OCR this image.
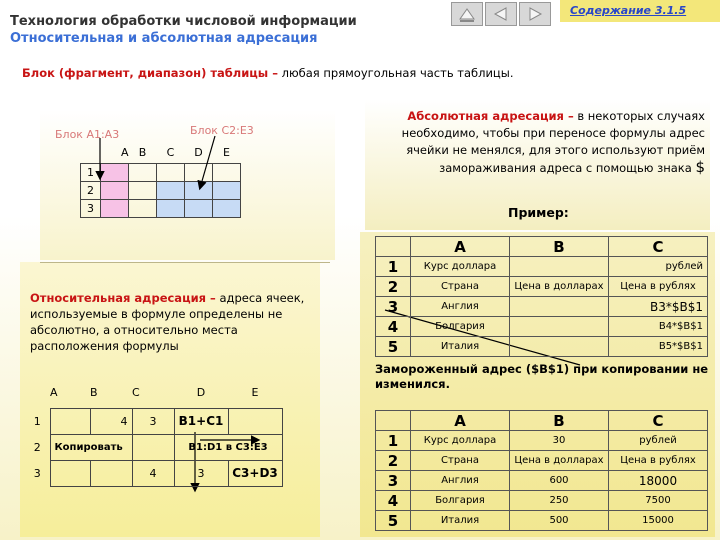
Технология обработки числовой информации
Относительная и абсолютная адресация
Содержание 3.1.5
Блок (фрагмент, диапазон) таблицы – любая прямоугольная часть таблицы.
Блок A1:A3	Блок C2:E3
	A	B	C	D	E
1					
2					
3					
Абсолютная адресация – в некоторых случаях необходимо, чтобы при переносе формулы адрес ячейки не менялся, для этого используют приём замораживания адреса с помощью знака $
Пример:
Относительная адресация – адреса ячеек, используемые в формуле определены не абсолютно, а относительно места расположения формулы
	A	B	C	D	E
1		4	3	B1+C1	
2	Копировать			B1:D1 в C3:E3	
3			4	3	C3+D3
	A	B	C
1	Курс доллара		рублей
2	Страна	Цена в долларах	Цена в рублях
3	Англия		B3*$B$1
4	Болгария		B4*$B$1
5	Италия		B5*$B$1
Замороженный адрес ($B$1) при копировании не изменился.
	A	B	C
1	Курс доллара	30	рублей
2	Страна	Цена в долларах	Цена в рублях
3	Англия	600	18000
4	Болгария	250	7500
5	Италия	500	15000
